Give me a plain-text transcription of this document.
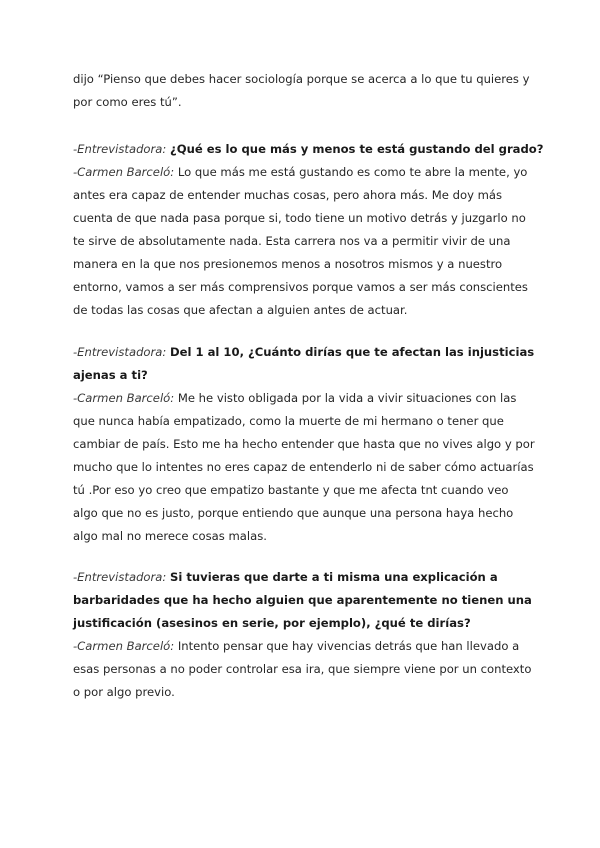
dijo “Pienso que debes hacer sociología porque se acerca a lo que tu quieres y
por como eres tú”.
-Entrevistadora: ¿Qué es lo que más y menos te está gustando del grado?
-Carmen Barceló: Lo que más me está gustando es como te abre la mente, yo
antes era capaz de entender muchas cosas, pero ahora más. Me doy más
cuenta de que nada pasa porque si, todo tiene un motivo detrás y juzgarlo no
te sirve de absolutamente nada. Esta carrera nos va a permitir vivir de una
manera en la que nos presionemos menos a nosotros mismos y a nuestro
entorno, vamos a ser más comprensivos porque vamos a ser más conscientes
de todas las cosas que afectan a alguien antes de actuar.
-Entrevistadora: Del 1 al 10, ¿Cuánto dirías que te afectan las injusticias
ajenas a ti?
-Carmen Barceló: Me he visto obligada por la vida a vivir situaciones con las
que nunca había empatizado, como la muerte de mi hermano o tener que
cambiar de país. Esto me ha hecho entender que hasta que no vives algo y por
mucho que lo intentes no eres capaz de entenderlo ni de saber cómo actuarías
tú .Por eso yo creo que empatizo bastante y que me afecta tnt cuando veo
algo que no es justo, porque entiendo que aunque una persona haya hecho
algo mal no merece cosas malas.
-Entrevistadora: Si tuvieras que darte a ti misma una explicación a
barbaridades que ha hecho alguien que aparentemente no tienen una
justificación (asesinos en serie, por ejemplo), ¿qué te dirías?
-Carmen Barceló: Intento pensar que hay vivencias detrás que han llevado a
esas personas a no poder controlar esa ira, que siempre viene por un contexto
o por algo previo.
